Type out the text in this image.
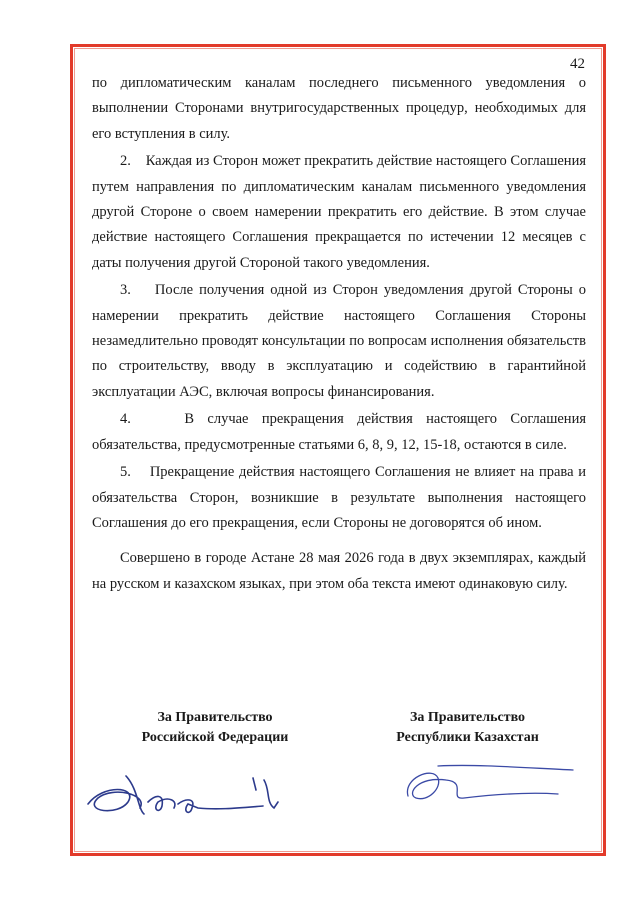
42

по дипломатическим каналам последнего письменного уведомления о выполнении Сторонами внутригосударственных процедур, необходимых для его вступления в силу.

2.    Каждая из Сторон может прекратить действие настоящего Соглашения путем направления по дипломатическим каналам письменного уведомления другой Стороне о своем намерении прекратить его действие. В этом случае действие настоящего Соглашения прекращается по истечении 12 месяцев с даты получения другой Стороной такого уведомления.

3.    После получения одной из Сторон уведомления другой Стороны о намерении прекратить действие настоящего Соглашения Стороны незамедлительно проводят консультации по вопросам исполнения обязательств по строительству, вводу в эксплуатацию и содействию в гарантийной эксплуатации АЭС, включая вопросы финансирования.

4.    В случае прекращения действия настоящего Соглашения обязательства, предусмотренные статьями 6, 8, 9, 12, 15-18, остаются в силе.

5.    Прекращение действия настоящего Соглашения не влияет на права и обязательства Сторон, возникшие в результате выполнения настоящего Соглашения до его прекращения, если Стороны не договорятся об ином.

Совершено в городе Астане 28 мая 2026 года в двух экземплярах, каждый на русском и казахском языках, при этом оба текста имеют одинаковую силу.

За Правительство
Российской Федерации
За Правительство
Республики Казахстан
